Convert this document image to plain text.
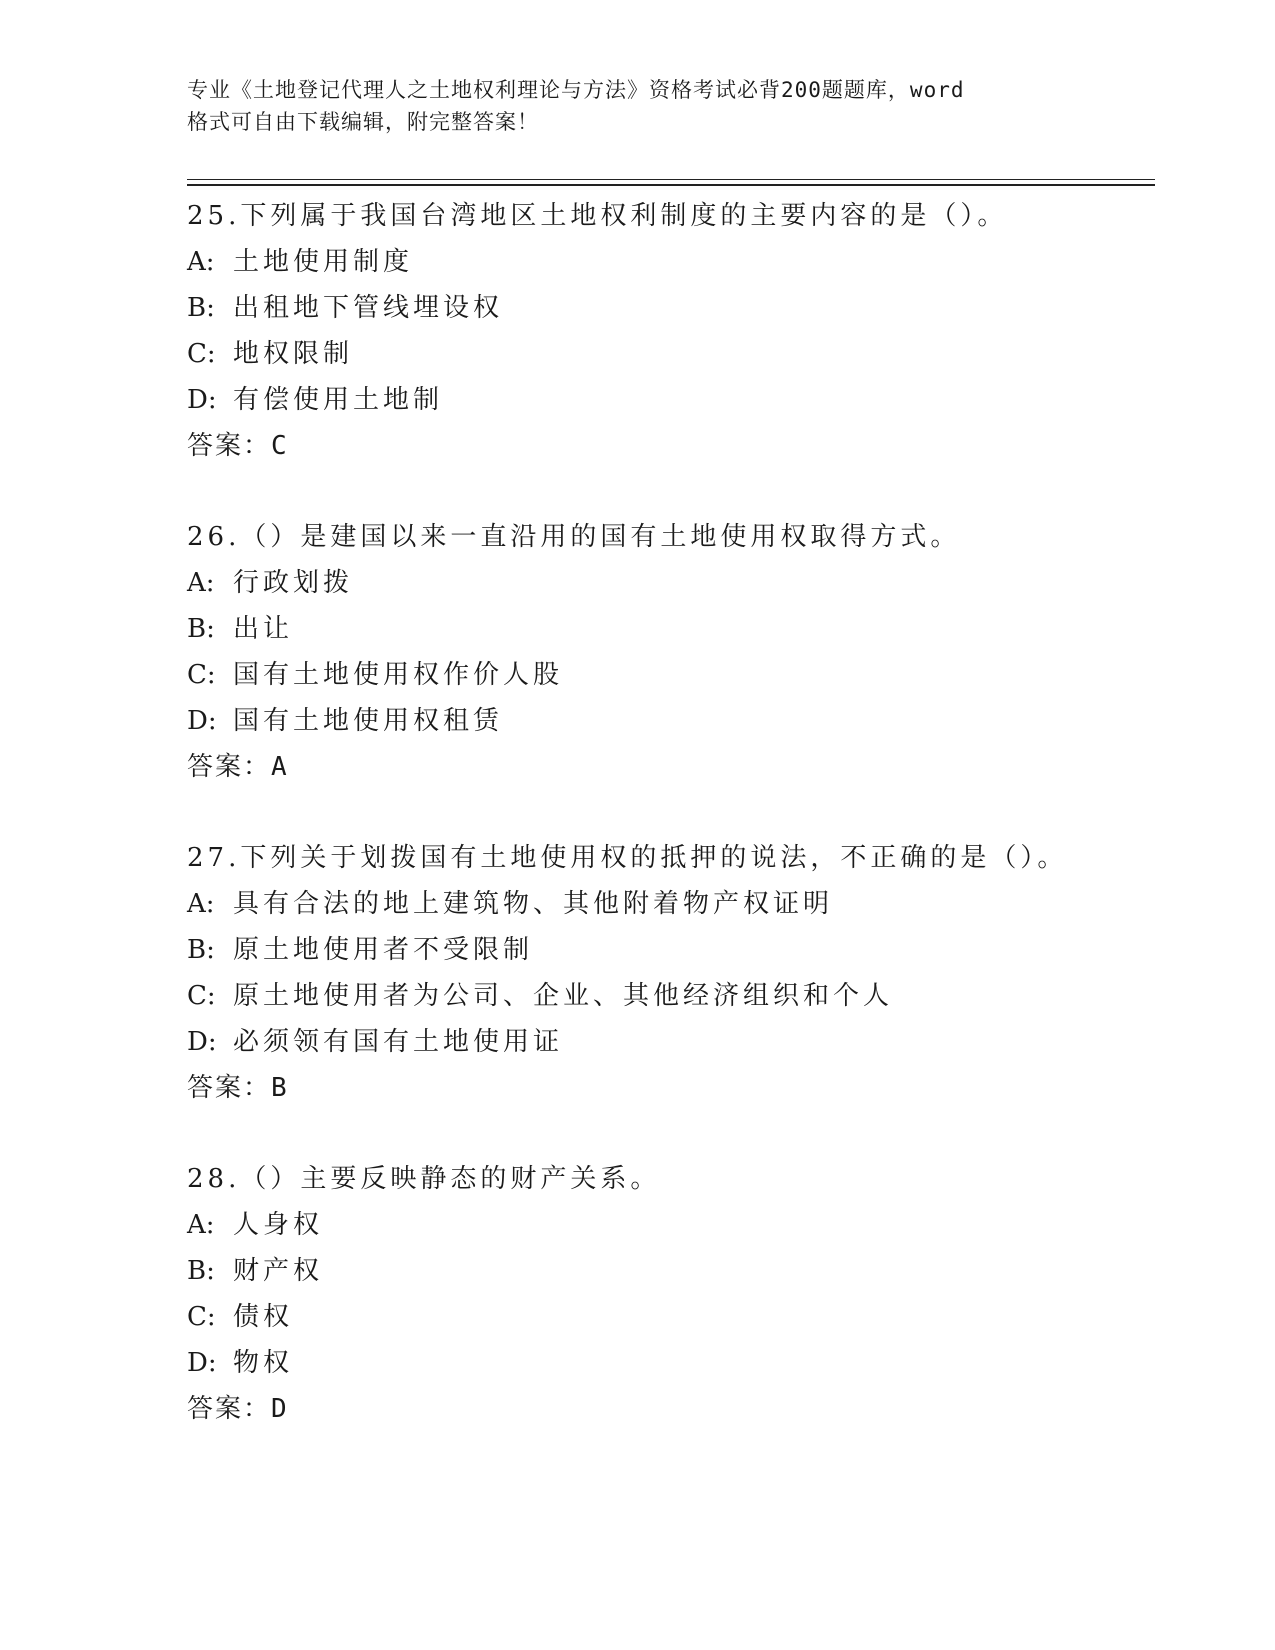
专业《土地登记代理人之土地权利理论与方法》资格考试必背200题题库，word
格式可自由下载编辑，附完整答案！
25.下列属于我国台湾地区土地权利制度的主要内容的是（）。
A: 土地使用制度
B: 出租地下管线埋设权
C: 地权限制
D: 有偿使用土地制
答案：C
26.（）是建国以来一直沿用的国有土地使用权取得方式。
A: 行政划拨
B: 出让
C: 国有土地使用权作价人股
D: 国有土地使用权租赁
答案：A
27.下列关于划拨国有土地使用权的抵押的说法，不正确的是（）。
A: 具有合法的地上建筑物、其他附着物产权证明
B: 原土地使用者不受限制
C: 原土地使用者为公司、企业、其他经济组织和个人
D: 必须领有国有土地使用证
答案：B
28.（）主要反映静态的财产关系。
A: 人身权
B: 财产权
C: 债权
D: 物权
答案：D
